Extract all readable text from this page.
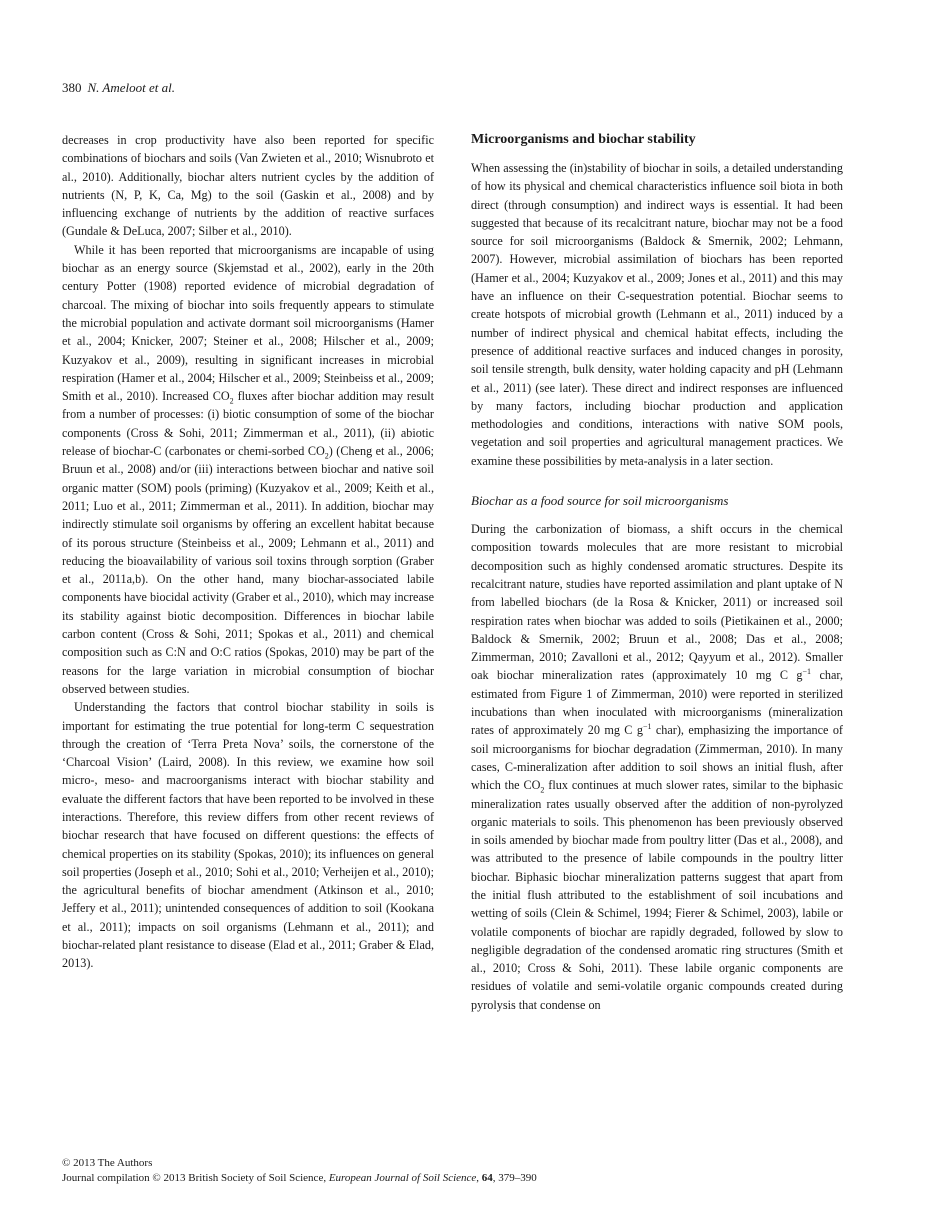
380 N. Ameloot et al.

decreases in crop productivity have also been reported for specific combinations of biochars and soils (Van Zwieten et al., 2010; Wisnubroto et al., 2010). Additionally, biochar alters nutrient cycles by the addition of nutrients (N, P, K, Ca, Mg) to the soil (Gaskin et al., 2008) and by influencing exchange of nutrients by the addition of reactive surfaces (Gundale & DeLuca, 2007; Silber et al., 2010).

While it has been reported that microorganisms are incapable of using biochar as an energy source (Skjemstad et al., 2002), early in the 20th century Potter (1908) reported evidence of microbial degradation of charcoal. The mixing of biochar into soils frequently appears to stimulate the microbial population and activate dormant soil microorganisms (Hamer et al., 2004; Knicker, 2007; Steiner et al., 2008; Hilscher et al., 2009; Kuzyakov et al., 2009), resulting in significant increases in microbial respiration (Hamer et al., 2004; Hilscher et al., 2009; Steinbeiss et al., 2009; Smith et al., 2010). Increased $CO_2$ fluxes after biochar addition may result from a number of processes: (i) biotic consumption of some of the biochar components (Cross & Sohi, 2011; Zimmerman et al., 2011), (ii) abiotic release of biochar-C (carbonates or chemi-sorbed $CO_2$) (Cheng et al., 2006; Bruun et al., 2008) and/or (iii) interactions between biochar and native soil organic matter (SOM) pools (priming) (Kuzyakov et al., 2009; Keith et al., 2011; Luo et al., 2011; Zimmerman et al., 2011). In addition, biochar may indirectly stimulate soil organisms by offering an excellent habitat because of its porous structure (Steinbeiss et al., 2009; Lehmann et al., 2011) and reducing the bioavailability of various soil toxins through sorption (Graber et al., 2011a,b). On the other hand, many biochar-associated labile components have biocidal activity (Graber et al., 2010), which may increase its stability against biotic decomposition. Differences in biochar labile carbon content (Cross & Sohi, 2011; Spokas et al., 2011) and chemical composition such as C:N and O:C ratios (Spokas, 2010) may be part of the reasons for the large variation in microbial consumption of biochar observed between studies.

Understanding the factors that control biochar stability in soils is important for estimating the true potential for long-term C sequestration through the creation of ‘Terra Preta Nova’ soils, the cornerstone of the ‘Charcoal Vision’ (Laird, 2008). In this review, we examine how soil micro-, meso- and macroorganisms interact with biochar stability and evaluate the different factors that have been reported to be involved in these interactions. Therefore, this review differs from other recent reviews of biochar research that have focused on different questions: the effects of chemical properties on its stability (Spokas, 2010); its influences on general soil properties (Joseph et al., 2010; Sohi et al., 2010; Verheijen et al., 2010); the agricultural benefits of biochar amendment (Atkinson et al., 2010; Jeffery et al., 2011); unintended consequences of addition to soil (Kookana et al., 2011); impacts on soil organisms (Lehmann et al., 2011); and biochar-related plant resistance to disease (Elad et al., 2011; Graber & Elad, 2013).

Microorganisms and biochar stability

When assessing the (in)stability of biochar in soils, a detailed understanding of how its physical and chemical characteristics influence soil biota in both direct (through consumption) and indirect ways is essential. It had been suggested that because of its recalcitrant nature, biochar may not be a food source for soil microorganisms (Baldock & Smernik, 2002; Lehmann, 2007). However, microbial assimilation of biochars has been reported (Hamer et al., 2004; Kuzyakov et al., 2009; Jones et al., 2011) and this may have an influence on their C-sequestration potential. Biochar seems to create hotspots of microbial growth (Lehmann et al., 2011) induced by a number of indirect physical and chemical habitat effects, including the presence of additional reactive surfaces and induced changes in porosity, soil tensile strength, bulk density, water holding capacity and pH (Lehmann et al., 2011) (see later). These direct and indirect responses are influenced by many factors, including biochar production and application methodologies and conditions, interactions with native SOM pools, vegetation and soil properties and agricultural management practices. We examine these possibilities by meta-analysis in a later section.

Biochar as a food source for soil microorganisms

During the carbonization of biomass, a shift occurs in the chemical composition towards molecules that are more resistant to microbial decomposition such as highly condensed aromatic structures. Despite its recalcitrant nature, studies have reported assimilation and plant uptake of N from labelled biochars (de la Rosa & Knicker, 2011) or increased soil respiration rates when biochar was added to soils (Pietikainen et al., 2000; Baldock & Smernik, 2002; Bruun et al., 2008; Das et al., 2008; Zimmerman, 2010; Zavalloni et al., 2012; Qayyum et al., 2012). Smaller oak biochar mineralization rates (approximately 10 mg C $g^{-1}$ char, estimated from Figure 1 of Zimmerman, 2010) were reported in sterilized incubations than when inoculated with microorganisms (mineralization rates of approximately 20 mg C $g^{-1}$ char), emphasizing the importance of soil microorganisms for biochar degradation (Zimmerman, 2010). In many cases, C-mineralization after addition to soil shows an initial flush, after which the $CO_2$ flux continues at much slower rates, similar to the biphasic mineralization rates usually observed after the addition of non-pyrolyzed organic materials to soils. This phenomenon has been previously observed in soils amended by biochar made from poultry litter (Das et al., 2008), and was attributed to the presence of labile compounds in the poultry litter biochar. Biphasic biochar mineralization patterns suggest that apart from the initial flush attributed to the establishment of soil incubations and wetting of soils (Clein & Schimel, 1994; Fierer & Schimel, 2003), labile or volatile components of biochar are rapidly degraded, followed by slow to negligible degradation of the condensed aromatic ring structures (Smith et al., 2010; Cross & Sohi, 2011). These labile organic components are residues of volatile and semi-volatile organic compounds created during pyrolysis that condense on

© 2013 The Authors
Journal compilation © 2013 British Society of Soil Science, European Journal of Soil Science, 64, 379–390
